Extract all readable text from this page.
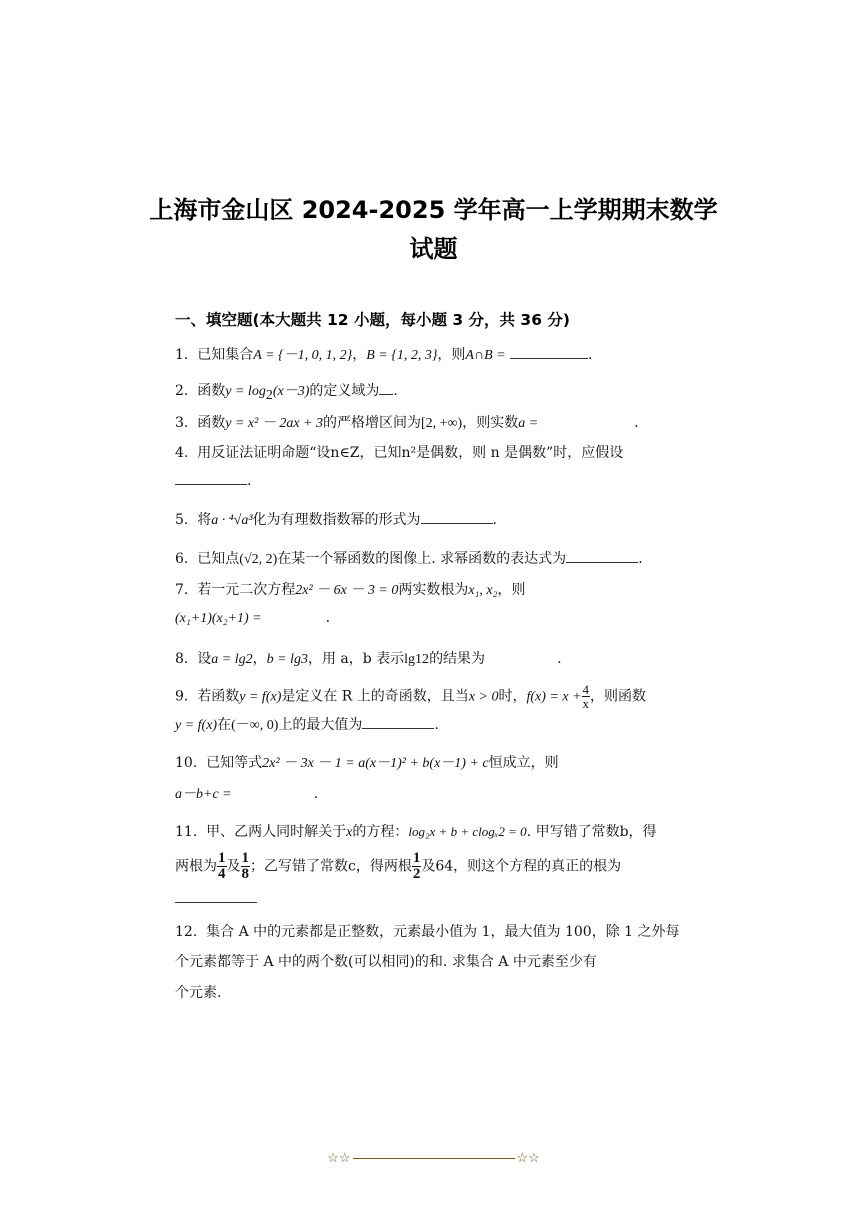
上海市金山区 2024-2025 学年高一上学期期末数学
试题
一、填空题(本大题共 12 小题，每小题 3 分，共 36 分)
1. 已知集合A = {－1, 0, 1, 2}，B = {1, 2, 3}，则A∩B =	.
2. 函数$y = \log_2(x-3)$的定义域为 .
3. 函数y = x² － 2ax + 3的严格增区间为[2, +∞)，则实数a =	.
4. 用反证法证明命题“设n∈Z，已知n²是偶数，则 n 是偶数”时，应假设
.
5. 将a · ⁴√a³化为有理数指数幂的形式为	.
6. 已知点(√2, 2)在某一个幂函数的图像上. 求幂函数的表达式为	.
7. 若一元二次方程2x² － 6x － 3 = 0两实数根为x₁, x₂，则
(x₁+1)(x₂+1) =	.
8. 设a = lg2，b = lg3，用 a，b 表示lg12的结果为	.
9. 若函数y = f(x)是定义在 R 上的奇函数，且当x > 0时，$f(x) = x + \frac{4}{x}$ ，则函数
y = f(x)在(－∞, 0)上的最大值为	.
10. 已知等式2x² － 3x － 1 = a(x－1)² + b(x－1) + c恒成立，则
a－b+c =	.
11. 甲、乙两人同时解关于x的方程：log₂x + b + clogₓ2 = 0. 甲写错了常数b，得
两根为 $\frac{1}{4}$ 及 $\frac{1}{8}$ ；乙写错了常数c，得两根 $\frac{1}{2}$ 及64，则这个方程的真正的根为
12. 集合 A 中的元素都是正整数，元素最小值为 1，最大值为 100，除 1 之外每
个元素都等于 A 中的两个数(可以相同)的和. 求集合 A 中元素至少有
个元素.
☆☆	☆☆
